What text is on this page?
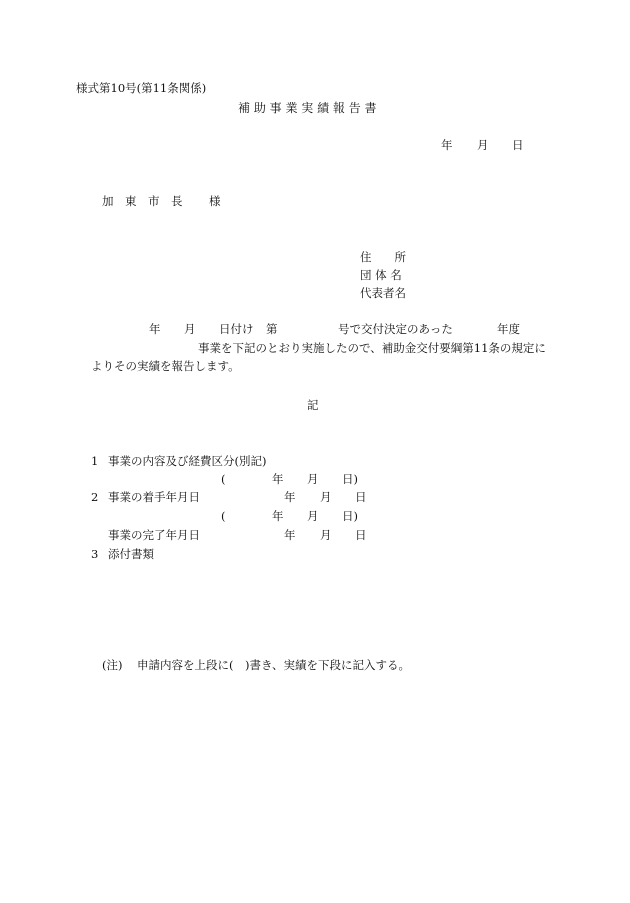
様式第10号(第11条関係)
補 助 事 業 実 績 報 告 書
年 月 日
加　東　市　長 様
住　　所
団 体 名
代表者名
年 月 日付け 第	号で交付決定のあった	年度
事業を下記のとおり実施したので、補助金交付要綱第11条の規定に
よりその実績を報告します。
記
1 事業の内容及び経費区分(別記)
(	年 月 日)
2 事業の着手年月日	年 月 日
(	年 月 日)
事業の完了年月日	年 月 日
3 添付書類
(注) 申請内容を上段に(　)書き、実績を下段に記入する。
